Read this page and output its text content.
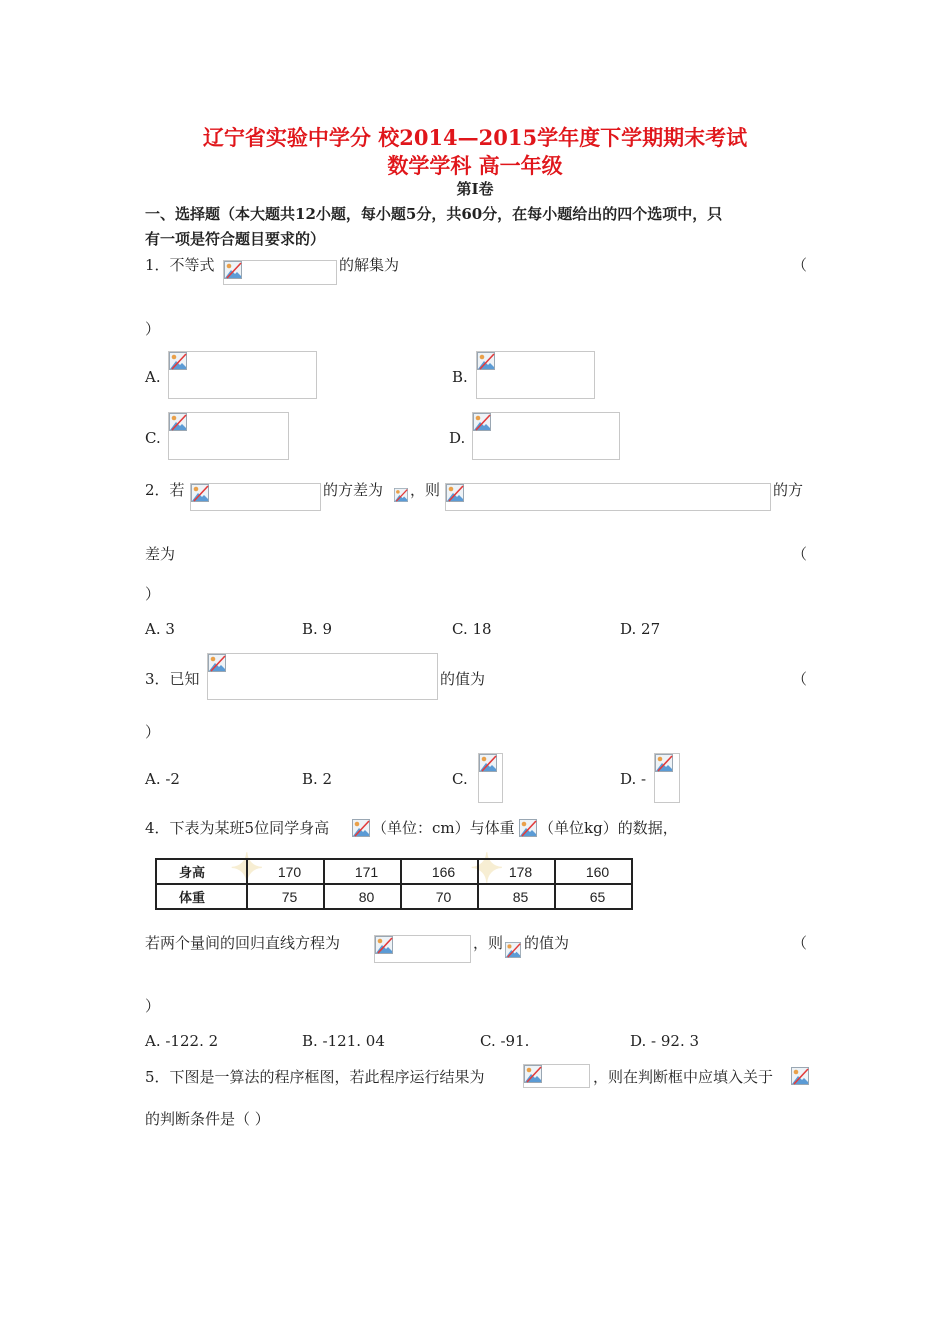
辽宁省实验中学分 校2014—2015学年度下学期期末考试
数学学科 高一年级
第Ⅰ卷
一、选择题（本大题共12小题，每小题5分，共60分，在每小题给出的四个选项中，只
有一项是符合题目要求的）
1．不等式	的解集为	（
）
A.	B.
C.	D.
2．若	的方差为 ，则	的方
差为	（
）
A. 3	B. 9	C. 18	D. 27
3．已知	的值为	（
）
A. -2	B. 2	C.	D. -
4．下表为某班5位同学身高	（单位：cm）与体重 （单位kg）的数据，
✦	✦
身高	170	171	166	178	160
体重	75	80	70	85	65
若两个量间的回归直线方程为	，则 的值为	（
）
A. -122. 2	B. -121. 04	C. -91.	D. - 92. 3
5．下图是一算法的程序框图，若此程序运行结果为	，则在判断框中应填入关于
的判断条件是（ ）
